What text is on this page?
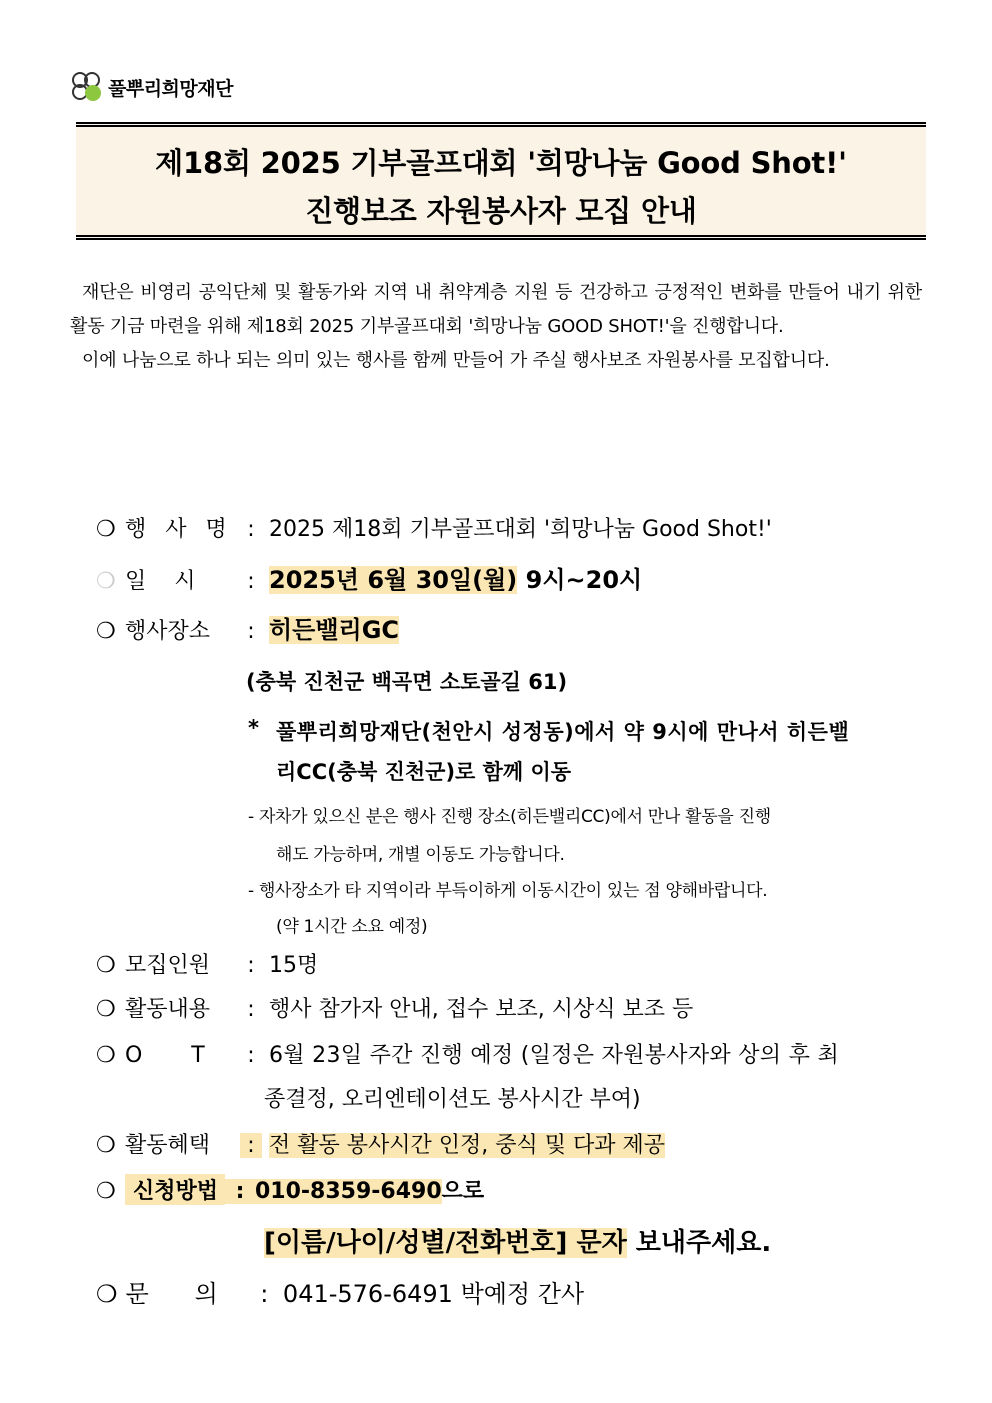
풀뿌리희망재단
제18회 2025 기부골프대회 '희망나눔 Good Shot!'
진행보조 자원봉사자 모집 안내

재단은 비영리 공익단체 및 활동가와 지역 내 취약계층 지원 등 건강하고 긍정적인 변화를 만들어 내기 위한 활동 기금 마련을 위해 제18회 2025 기부골프대회 '희망나눔 GOOD SHOT!'을 진행합니다.

이에 나눔으로 하나 되는 의미 있는 행사를 함께 만들어 가 주실 행사보조 자원봉사를 모집합니다.

❍ 행 사 명 : 2025 제18회 기부골프대회 '희망나눔 Good Shot!'
❍ 일    시 : 2025년 6월 30일(월) 9시~20시
❍ 행사장소 : 히든밸리GC
(충북 진천군 백곡면 소토골길 61)
* 풀뿌리희망재단(천안시 성정동)에서 약 9시에 만나서 히든밸
리CC(충북 진천군)로 함께 이동
- 자차가 있으신 분은 행사 진행 장소(히든밸리CC)에서 만나 활동을 진행
해도 가능하며, 개별 이동도 가능합니다.
- 행사장소가 타 지역이라 부득이하게 이동시간이 있는 점 양해바랍니다.
(약 1시간 소요 예정)
❍ 모집인원 : 15명
❍ 활동내용 : 행사 참가자 안내, 접수 보조, 시상식 보조 등
❍ O       T : 6월 23일 주간 진행 예정 (일정은 자원봉사자와 상의 후 최
종결정, 오리엔테이션도 봉사시간 부여)
❍ 활동혜택 : 전 활동 봉사시간 인정, 중식 및 다과 제공
❍ 신청방법 : 010-8359-6490으로
[이름/나이/성별/전화번호] 문자 보내주세요.
❍ 문      의 : 041-576-6491 박예정 간사
